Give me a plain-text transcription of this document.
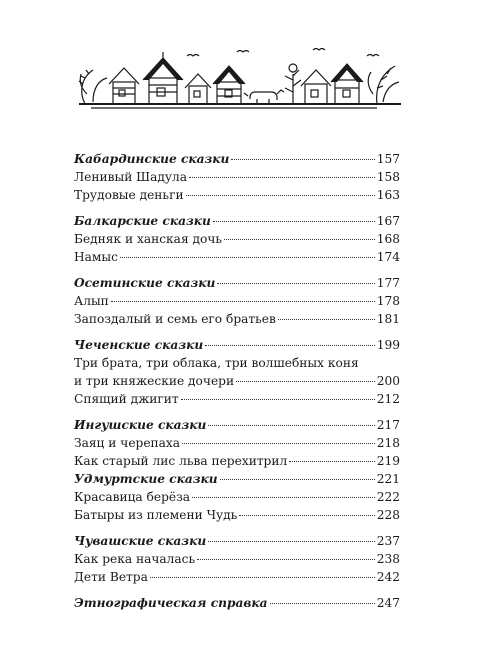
Кабардинские сказки	157
Ленивый Шадула	158
Трудовые деньги	163
Балкарские сказки	167
Бедняк и ханская дочь	168
Намыс	174
Осетинские сказки	177
Алып	178
Запоздалый и семь его братьев	181
Чеченские сказки	199
Три брата, три облака, три волшебных коня
и три княжеские дочери	200
Спящий джигит	212
Ингушские сказки	217
Заяц и черепаха	218
Как старый лис льва перехитрил	219
Удмуртские сказки	221
Красавица берёза	222
Батыры из племени Чудь	228
Чувашские сказки	237
Как река началась	238
Дети Ветра	242
Этнографическая справка	247
